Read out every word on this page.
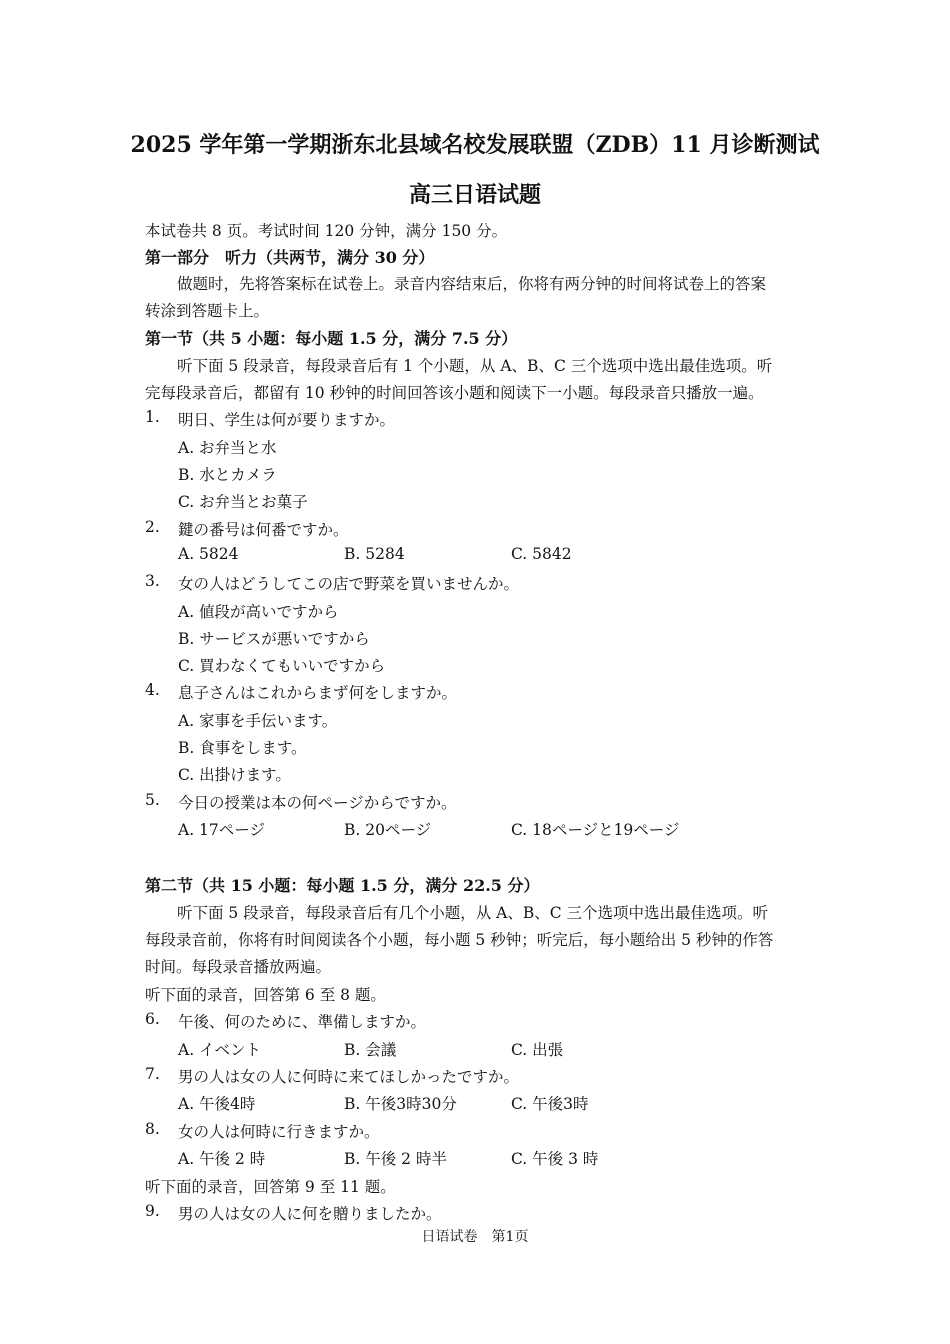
2025 学年第一学期浙东北县域名校发展联盟（ZDB）11 月诊断测试
高三日语试题
本试卷共 8 页。考试时间 120 分钟，满分 150 分。
第一部分　听力（共两节，满分 30 分）
做题时，先将答案标在试卷上。录音内容结束后，你将有两分钟的时间将试卷上的答案
转涂到答题卡上。
第一节（共 5 小题：每小题 1.5 分，满分 7.5 分）
听下面 5 段录音，每段录音后有 1 个小题，从 A、B、C 三个选项中选出最佳选项。听
完每段录音后，都留有 10 秒钟的时间回答该小题和阅读下一小题。每段录音只播放一遍。
1. 明日、学生は何が要りますか。
A. お弁当と水
B. 水とカメラ
C. お弁当とお菓子
2. 鍵の番号は何番ですか。
A. 5824	B. 5284	C. 5842
3. 女の人はどうしてこの店で野菜を買いませんか。
A. 値段が高いですから
B. サービスが悪いですから
C. 買わなくてもいいですから
4. 息子さんはこれからまず何をしますか。
A. 家事を手伝います。
B. 食事をします。
C. 出掛けます。
5. 今日の授業は本の何ページからですか。
A. 17ページ	B. 20ページ	C. 18ページと19ページ
第二节（共 15 小题：每小题 1.5 分，满分 22.5 分）
听下面 5 段录音，每段录音后有几个小题，从 A、B、C 三个选项中选出最佳选项。听
每段录音前，你将有时间阅读各个小题，每小题 5 秒钟；听完后，每小题给出 5 秒钟的作答
时间。每段录音播放两遍。
听下面的录音，回答第 6 至 8 题。
6. 午後、何のために、準備しますか。
A. イベント	B. 会議	C. 出張
7. 男の人は女の人に何時に来てほしかったですか。
A. 午後4時	B. 午後3時30分	C. 午後3時
8. 女の人は何時に行きますか。
A. 午後 2 時	B. 午後 2 時半	C. 午後 3 時
听下面的录音，回答第 9 至 11 题。
9. 男の人は女の人に何を贈りましたか。
日语试卷　第1页
